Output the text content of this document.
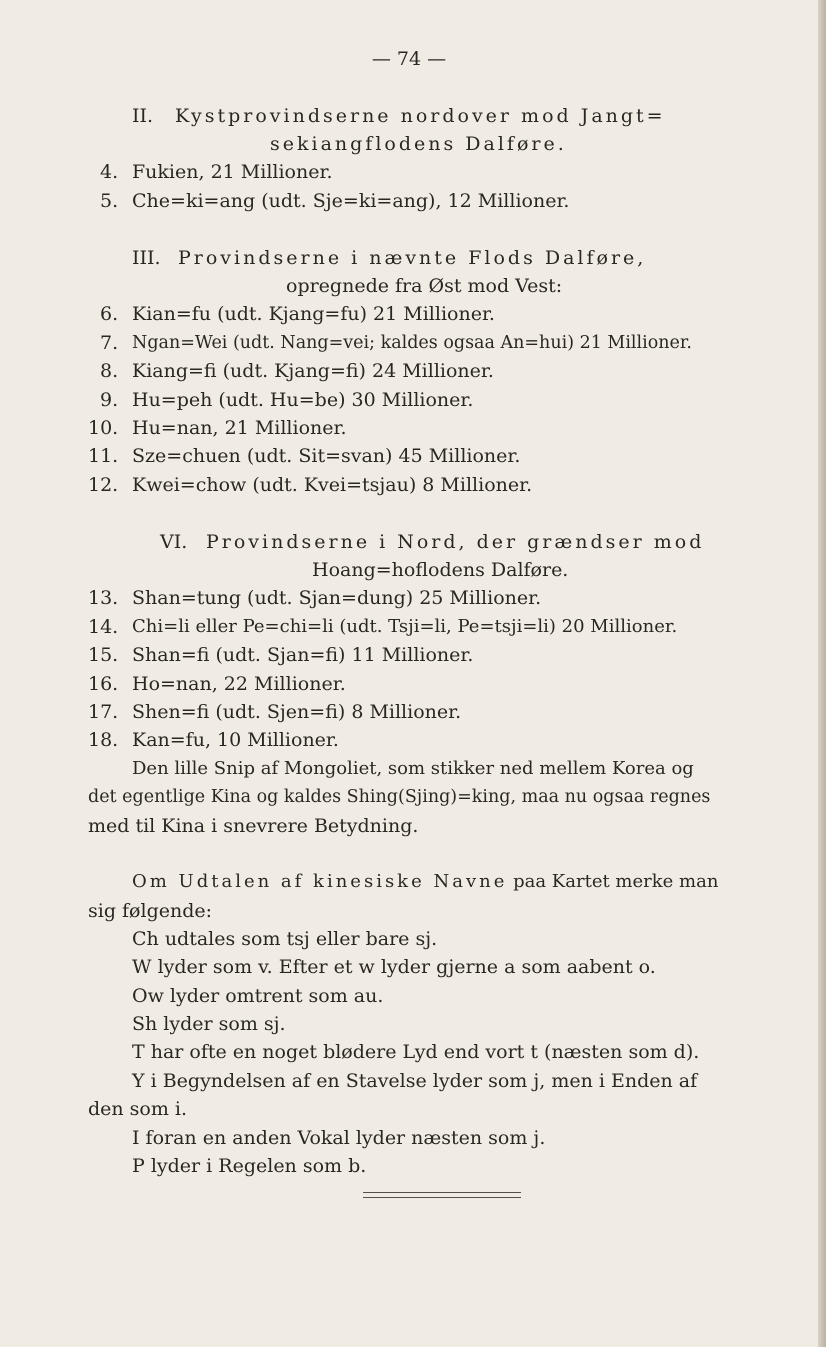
— 74 —
II. Kystprovindserne nordover mod Jangt=
sekiangflodens Dalføre.
4. Fukien, 21 Millioner.
5. Che=ki=ang (udt. Sje=ki=ang), 12 Millioner.
III. Provindserne i nævnte Flods Dalføre,
opregnede fra Øst mod Vest:
6. Kian=fu (udt. Kjang=fu) 21 Millioner.
7. Ngan=Wei (udt. Nang=vei; kaldes ogsaa An=hui) 21 Millioner.
8. Kiang=fi (udt. Kjang=fi) 24 Millioner.
9. Hu=peh (udt. Hu=be) 30 Millioner.
10. Hu=nan, 21 Millioner.
11. Sze=chuen (udt. Sit=svan) 45 Millioner.
12. Kwei=chow (udt. Kvei=tsjau) 8 Millioner.
VI. Provindserne i Nord, der grændser mod
Hoang=hoflodens Dalføre.
13. Shan=tung (udt. Sjan=dung) 25 Millioner.
14. Chi=li eller Pe=chi=li (udt. Tsji=li, Pe=tsji=li) 20 Millioner.
15. Shan=fi (udt. Sjan=fi) 11 Millioner.
16. Ho=nan, 22 Millioner.
17. Shen=fi (udt. Sjen=fi) 8 Millioner.
18. Kan=fu, 10 Millioner.
Den lille Snip af Mongoliet, som stikker ned mellem Korea og
det egentlige Kina og kaldes Shing(Sjing)=king, maa nu ogsaa regnes
med til Kina i snevrere Betydning.
Om Udtalen af kinesiske Navne paa Kartet merke man
sig følgende:
Ch udtales som tsj eller bare sj.
W lyder som v. Efter et w lyder gjerne a som aabent o.
Ow lyder omtrent som au.
Sh lyder som sj.
T har ofte en noget blødere Lyd end vort t (næsten som d).
Y i Begyndelsen af en Stavelse lyder som j, men i Enden af
den som i.
I foran en anden Vokal lyder næsten som j.
P lyder i Regelen som b.
